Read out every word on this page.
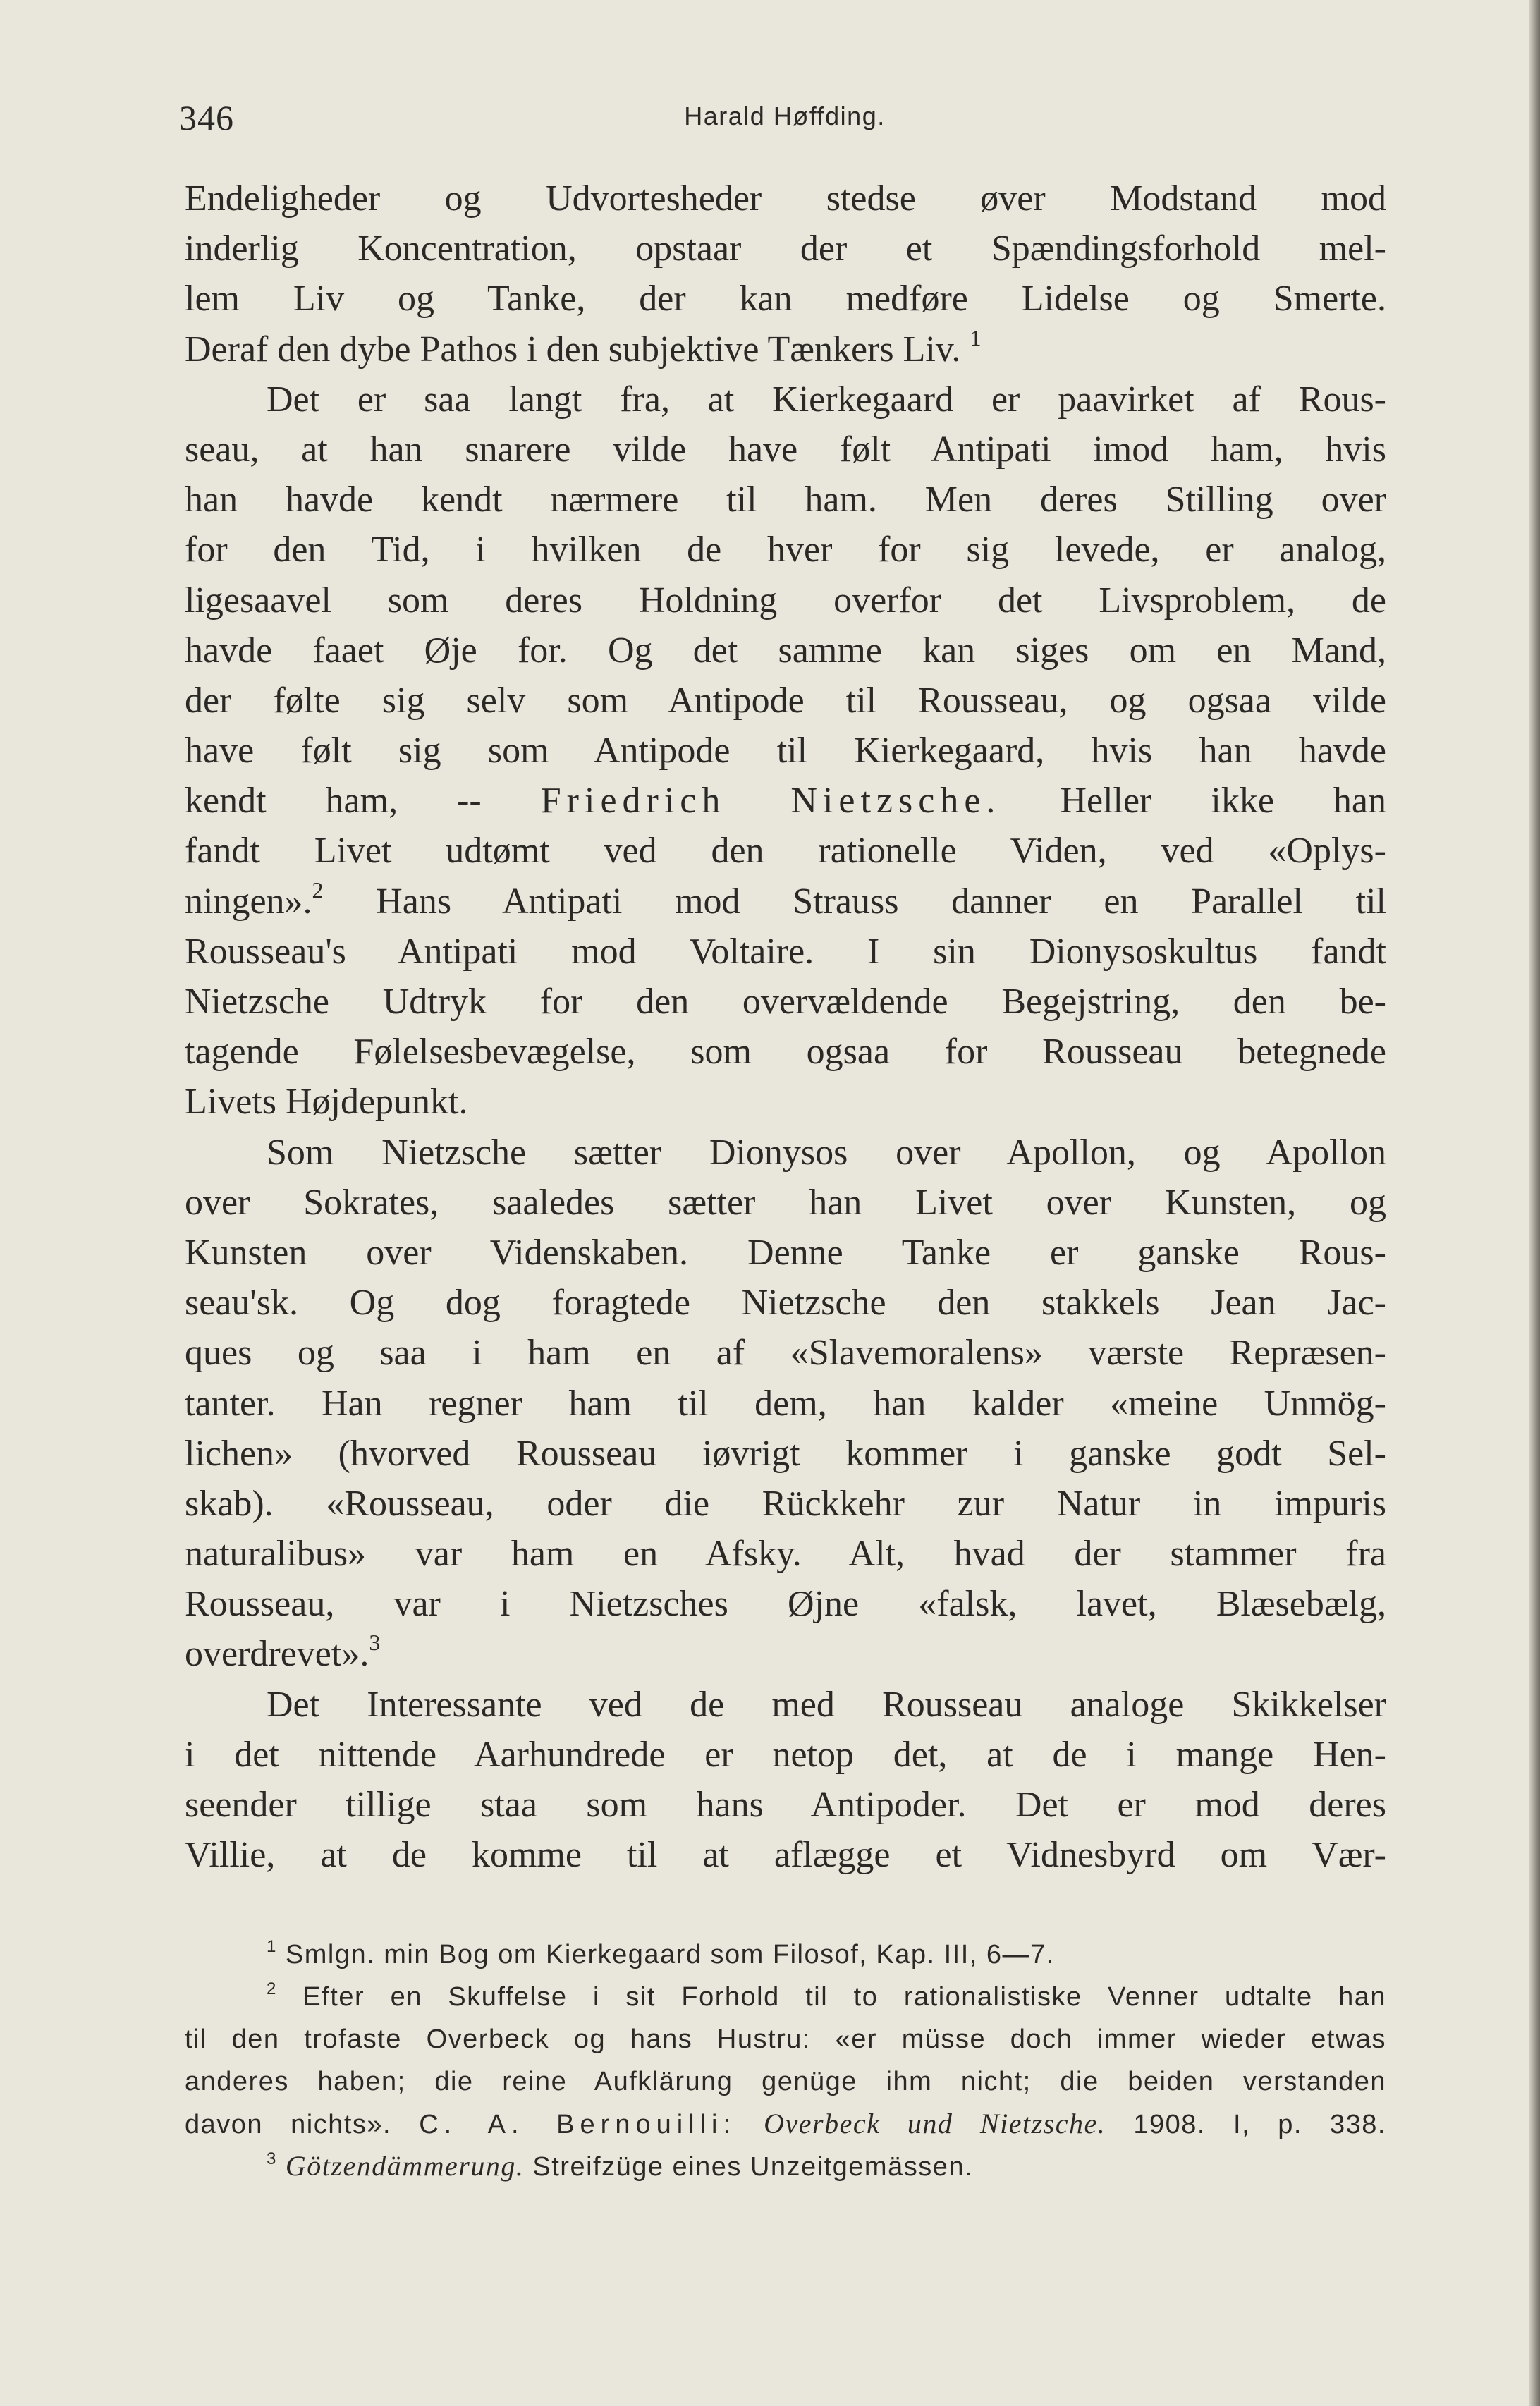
346	Harald Høffding.
Endeligheder og Udvortesheder stedse øver Modstand mod
inderlig Koncentration, opstaar der et Spændingsforhold mel-
lem Liv og Tanke, der kan medføre Lidelse og Smerte.
Deraf den dybe Pathos i den subjektive Tænkers Liv. $^1$
Det er saa langt fra, at Kierkegaard er paavirket af Rous-
seau, at han snarere vilde have følt Antipati imod ham, hvis
han havde kendt nærmere til ham. Men deres Stilling over
for den Tid, i hvilken de hver for sig levede, er analog,
ligesaavel som deres Holdning overfor det Livsproblem, de
havde faaet Øje for. Og det samme kan siges om en Mand,
der følte sig selv som Antipode til Rousseau, og ogsaa vilde
have følt sig som Antipode til Kierkegaard, hvis han havde
kendt ham, -- Friedrich Nietzsche. Heller ikke han
fandt Livet udtømt ved den rationelle Viden, ved «Oplys-
ningen».$^2$ Hans Antipati mod Strauss danner en Parallel til
Rousseau's Antipati mod Voltaire. I sin Dionysoskultus fandt
Nietzsche Udtryk for den overvældende Begejstring, den be-
tagende Følelsesbevægelse, som ogsaa for Rousseau betegnede
Livets Højdepunkt.
Som Nietzsche sætter Dionysos over Apollon, og Apollon
over Sokrates, saaledes sætter han Livet over Kunsten, og
Kunsten over Videnskaben. Denne Tanke er ganske Rous-
seau'sk. Og dog foragtede Nietzsche den stakkels Jean Jac-
ques og saa i ham en af «Slavemoralens» værste Repræsen-
tanter. Han regner ham til dem, han kalder «meine Unmög-
lichen» (hvorved Rousseau iøvrigt kommer i ganske godt Sel-
skab). «Rousseau, oder die Rückkehr zur Natur in impuris
naturalibus» var ham en Afsky. Alt, hvad der stammer fra
Rousseau, var i Nietzsches Øjne «falsk, lavet, Blæsebælg,
overdrevet».$^3$
Det Interessante ved de med Rousseau analoge Skikkelser
i det nittende Aarhundrede er netop det, at de i mange Hen-
seender tillige staa som hans Antipoder. Det er mod deres
Villie, at de komme til at aflægge et Vidnesbyrd om Vær-
$^1$ Smlgn. min Bog om Kierkegaard som Filosof, Kap. III, 6—7.
$^2$ Efter en Skuffelse i sit Forhold til to rationalistiske Venner udtalte han
til den trofaste Overbeck og hans Hustru: «er müsse doch immer wieder etwas
anderes haben; die reine Aufklärung genüge ihm nicht; die beiden verstanden
davon nichts». C. A. Bernouilli: Overbeck und Nietzsche. 1908. I, p. 338.
$^3$ Götzendämmerung. Streifzüge eines Unzeitgemässen.
